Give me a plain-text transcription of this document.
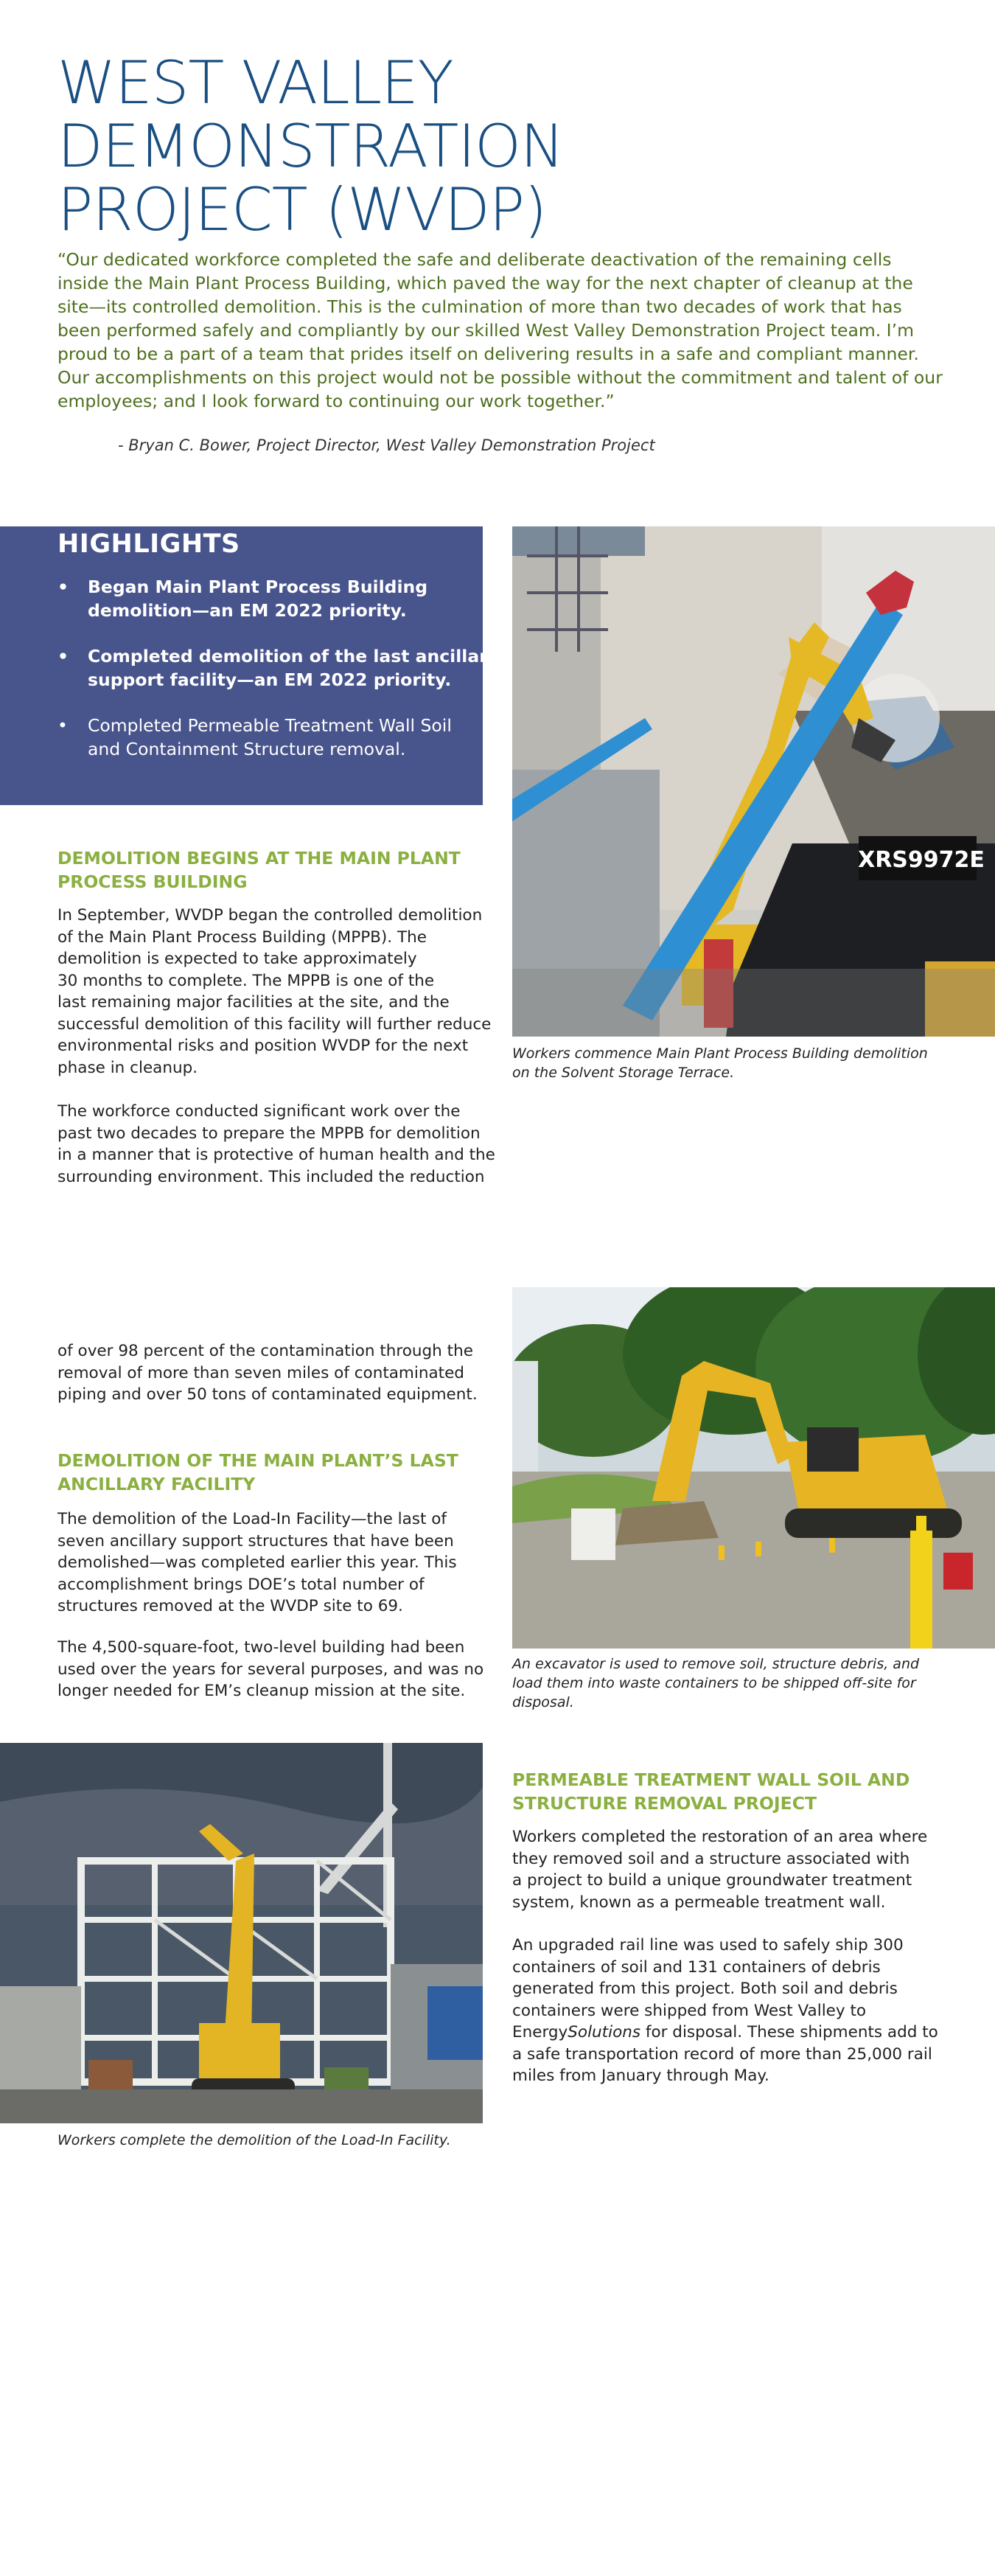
WEST VALLEY DEMONSTRATION
PROJECT (WVDP)
“Our dedicated workforce completed the safe and deliberate deactivation of the remaining cells
inside the Main Plant Process Building, which paved the way for the next chapter of cleanup at the
site—its controlled demolition. This is the culmination of more than two decades of work that has
been performed safely and compliantly by our skilled West Valley Demonstration Project team. I’m
proud to be a part of a team that prides itself on delivering results in a safe and compliant manner.
Our accomplishments on this project would not be possible without the commitment and talent of our
employees; and I look forward to continuing our work together.”
- Bryan C. Bower, Project Director, West Valley Demonstration Project
HIGHLIGHTS
• Began Main Plant Process Building
demolition—an EM 2022 priority.
• Completed demolition of the last ancillary
support facility—an EM 2022 priority.
• Completed Permeable Treatment Wall Soil
and Containment Structure removal.
XRS9972E
Workers commence Main Plant Process Building demolition
on the Solvent Storage Terrace.
DEMOLITION BEGINS AT THE MAIN PLANT
PROCESS BUILDING
In September, WVDP began the controlled demolition
of the Main Plant Process Building (MPPB). The
demolition is expected to take approximately
30 months to complete. The MPPB is one of the
last remaining major facilities at the site, and the
successful demolition of this facility will further reduce
environmental risks and position WVDP for the next
phase in cleanup.
The workforce conducted significant work over the
past two decades to prepare the MPPB for demolition
in a manner that is protective of human health and the
surrounding environment. This included the reduction
of over 98 percent of the contamination through the
removal of more than seven miles of contaminated
piping and over 50 tons of contaminated equipment.
DEMOLITION OF THE MAIN PLANT’S LAST
ANCILLARY FACILITY
The demolition of the Load-In Facility—the last of
seven ancillary support structures that have been
demolished—was completed earlier this year. This
accomplishment brings DOE’s total number of
structures removed at the WVDP site to 69.
The 4,500-square-foot, two-level building had been
used over the years for several purposes, and was no
longer needed for EM’s cleanup mission at the site.
An excavator is used to remove soil, structure debris, and
load them into waste containers to be shipped off-site for
disposal.
Workers complete the demolition of the Load-In Facility.
PERMEABLE TREATMENT WALL SOIL AND
STRUCTURE REMOVAL PROJECT
Workers completed the restoration of an area where
they removed soil and a structure associated with
a project to build a unique groundwater treatment
system, known as a permeable treatment wall.
An upgraded rail line was used to safely ship 300
containers of soil and 131 containers of debris
generated from this project. Both soil and debris
containers were shipped from West Valley to
EnergySolutions for disposal. These shipments add to
a safe transportation record of more than 25,000 rail
miles from January through May.
